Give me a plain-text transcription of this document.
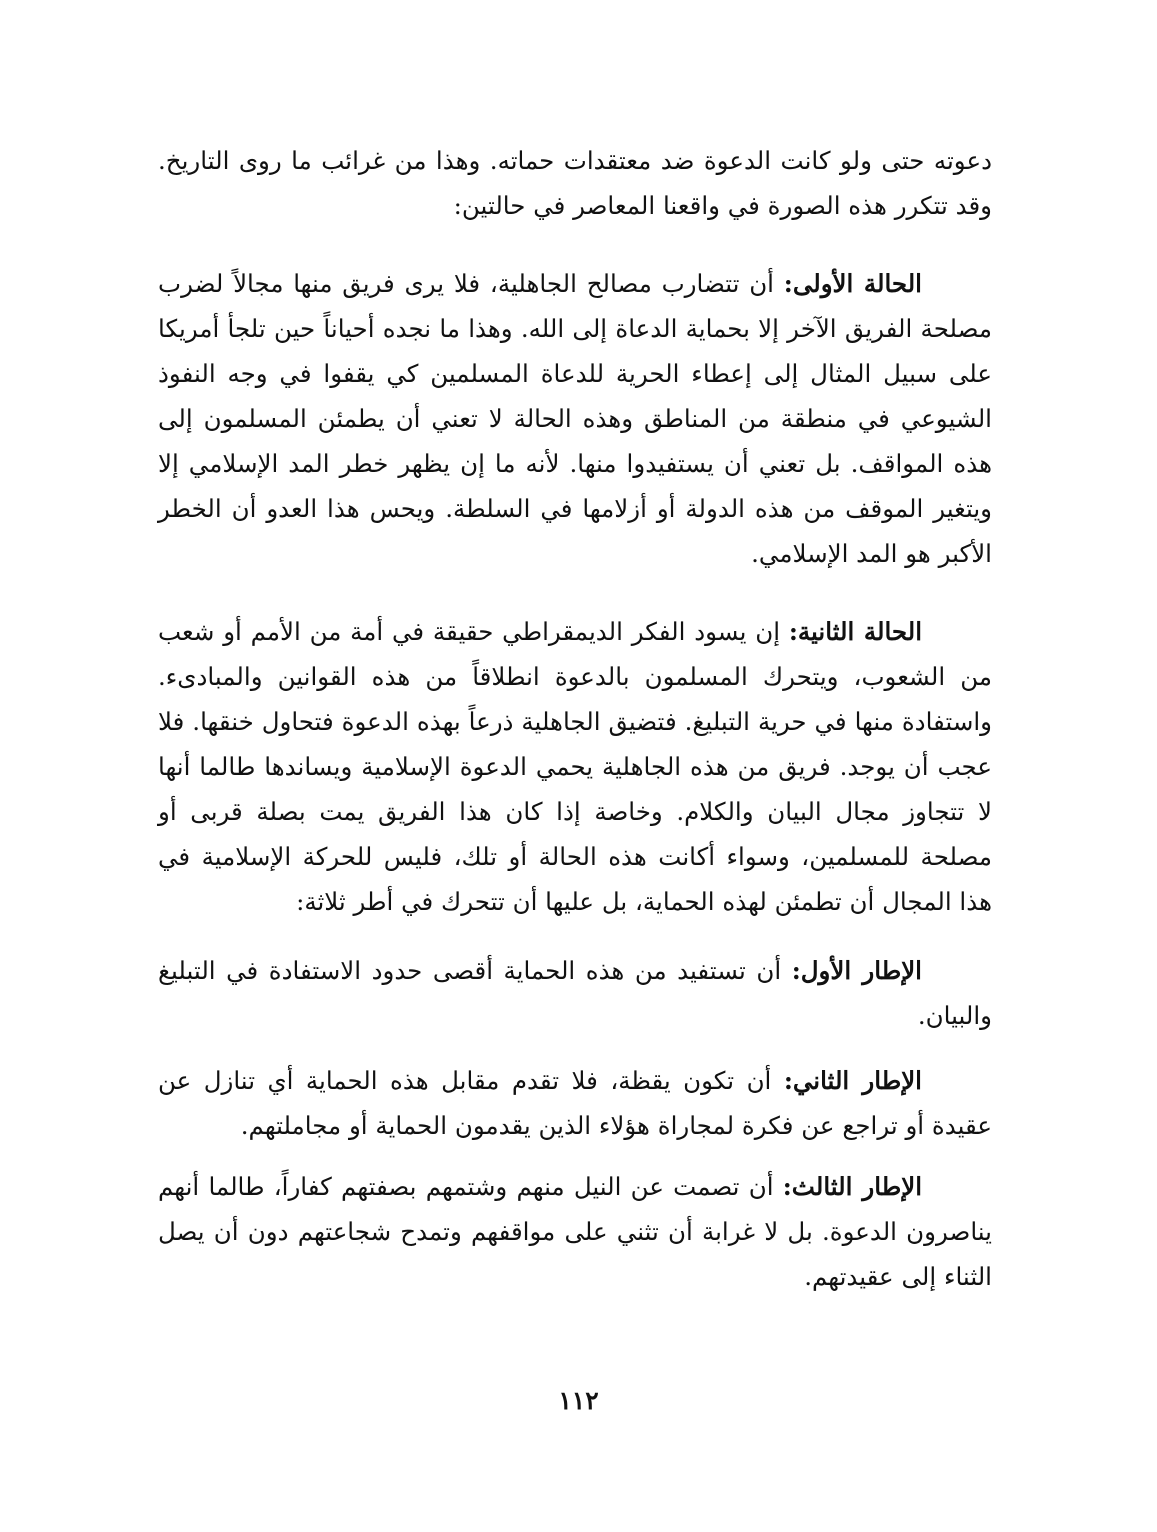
دعوته حتى ولو كانت الدعوة ضد معتقدات حماته. وهذا من غرائب ما روى التاريخ. وقد تتكرر هذه الصورة في واقعنا المعاصر في حالتين:

الحالة الأولى: أن تتضارب مصالح الجاهلية، فلا يرى فريق منها مجالاً لضرب مصلحة الفريق الآخر إلا بحماية الدعاة إلى الله. وهذا ما نجده أحياناً حين تلجأ أمريكا على سبيل المثال إلى إعطاء الحرية للدعاة المسلمين كي يقفوا في وجه النفوذ الشيوعي في منطقة من المناطق وهذه الحالة لا تعني أن يطمئن المسلمون إلى هذه المواقف. بل تعني أن يستفيدوا منها. لأنه ما إن يظهر خطر المد الإسلامي إلا ويتغير الموقف من هذه الدولة أو أزلامها في السلطة. ويحس هذا العدو أن الخطر الأكبر هو المد الإسلامي.

الحالة الثانية: إن يسود الفكر الديمقراطي حقيقة في أمة من الأمم أو شعب من الشعوب، ويتحرك المسلمون بالدعوة انطلاقاً من هذه القوانين والمبادىء. واستفادة منها في حرية التبليغ. فتضيق الجاهلية ذرعاً بهذه الدعوة فتحاول خنقها. فلا عجب أن يوجد. فريق من هذه الجاهلية يحمي الدعوة الإسلامية ويساندها طالما أنها لا تتجاوز مجال البيان والكلام. وخاصة إذا كان هذا الفريق يمت بصلة قربى أو مصلحة للمسلمين، وسواء أكانت هذه الحالة أو تلك، فليس للحركة الإسلامية في هذا المجال أن تطمئن لهذه الحماية، بل عليها أن تتحرك في أطر ثلاثة:

الإطار الأول: أن تستفيد من هذه الحماية أقصى حدود الاستفادة في التبليغ والبيان.

الإطار الثاني: أن تكون يقظة، فلا تقدم مقابل هذه الحماية أي تنازل عن عقيدة أو تراجع عن فكرة لمجاراة هؤلاء الذين يقدمون الحماية أو مجاملتهم.

الإطار الثالث: أن تصمت عن النيل منهم وشتمهم بصفتهم كفاراً، طالما أنهم يناصرون الدعوة. بل لا غرابة أن تثني على مواقفهم وتمدح شجاعتهم دون أن يصل الثناء إلى عقيدتهم.

١١٢
